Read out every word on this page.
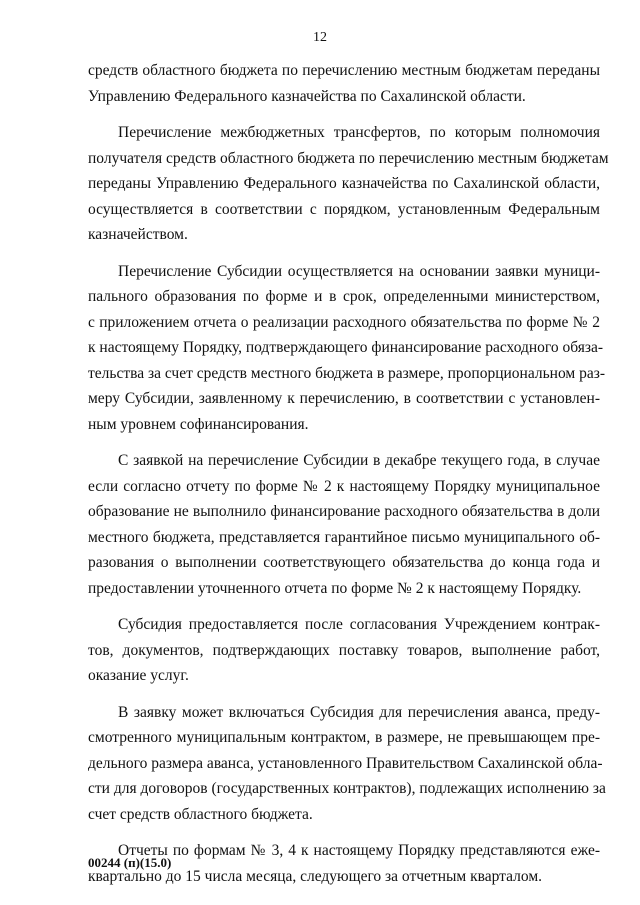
12
средств областного бюджета по перечислению местным бюджетам переданы
Управлению Федерального казначейства по Сахалинской области.
Перечисление межбюджетных трансфертов, по которым полномочия
получателя средств областного бюджета по перечислению местным бюджетам
переданы Управлению Федерального казначейства по Сахалинской области,
осуществляется в соответствии с порядком, установленным Федеральным
казначейством.
Перечисление Субсидии осуществляется на основании заявки муници-
пального образования по форме и в срок, определенными министерством,
с приложением отчета о реализации расходного обязательства по форме № 2
к настоящему Порядку, подтверждающего финансирование расходного обяза-
тельства за счет средств местного бюджета в размере, пропорциональном раз-
меру Субсидии, заявленному к перечислению, в соответствии с установлен-
ным уровнем софинансирования.
С заявкой на перечисление Субсидии в декабре текущего года, в случае
если согласно отчету по форме № 2 к настоящему Порядку муниципальное
образование не выполнило финансирование расходного обязательства в доли
местного бюджета, представляется гарантийное письмо муниципального об-
разования о выполнении соответствующего обязательства до конца года и
предоставлении уточненного отчета по форме № 2 к настоящему Порядку.
Субсидия предоставляется после согласования Учреждением контрак-
тов, документов, подтверждающих поставку товаров, выполнение работ,
оказание услуг.
В заявку может включаться Субсидия для перечисления аванса, преду-
смотренного муниципальным контрактом, в размере, не превышающем пре-
дельного размера аванса, установленного Правительством Сахалинской обла-
сти для договоров (государственных контрактов), подлежащих исполнению за
счет средств областного бюджета.
Отчеты по формам № 3, 4 к настоящему Порядку представляются еже-
квартально до 15 числа месяца, следующего за отчетным кварталом.
00244 (п)(15.0)
